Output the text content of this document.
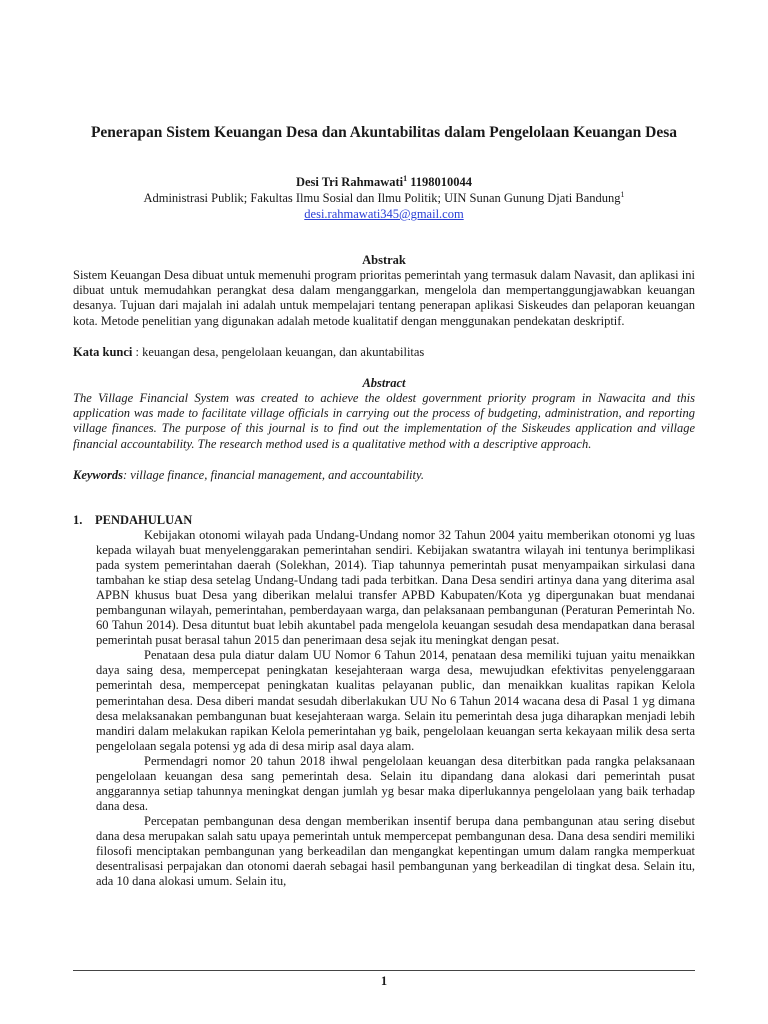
Penerapan Sistem Keuangan Desa dan Akuntabilitas dalam Pengelolaan Keuangan Desa
Desi Tri Rahmawati$^1$ 1198010044
Administrasi Publik; Fakultas Ilmu Sosial dan Ilmu Politik; UIN Sunan Gunung Djati Bandung$^1$
desi.rahmawati345@gmail.com
Abstrak
Sistem Keuangan Desa dibuat untuk memenuhi program prioritas pemerintah yang termasuk dalam Navasit, dan aplikasi ini dibuat untuk memudahkan perangkat desa dalam menganggarkan, mengelola dan mempertanggungjawabkan keuangan desanya. Tujuan dari majalah ini adalah untuk mempelajari tentang penerapan aplikasi Siskeudes dan pelaporan keuangan kota. Metode penelitian yang digunakan adalah metode kualitatif dengan menggunakan pendekatan deskriptif.
Kata kunci : keuangan desa, pengelolaan keuangan, dan akuntabilitas
Abstract
The Village Financial System was created to achieve the oldest government priority program in Nawacita and this application was made to facilitate village officials in carrying out the process of budgeting, administration, and reporting village finances. The purpose of this journal is to find out the implementation of the Siskeudes application and village financial accountability. The research method used is a qualitative method with a descriptive approach.
Keywords: village finance, financial management, and accountability.
1. PENDAHULUAN

Kebijakan otonomi wilayah pada Undang-Undang nomor 32 Tahun 2004 yaitu memberikan otonomi yg luas kepada wilayah buat menyelenggarakan pemerintahan sendiri. Kebijakan swatantra wilayah ini tentunya berimplikasi pada system pemerintahan daerah (Solekhan, 2014). Tiap tahunnya pemerintah pusat menyampaikan sirkulasi dana tambahan ke stiap desa setelag Undang-Undang tadi pada terbitkan. Dana Desa sendiri artinya dana yang diterima asal APBN khusus buat Desa yang diberikan melalui transfer APBD Kabupaten/Kota yg dipergunakan buat mendanai pembangunan wilayah, pemerintahan, pemberdayaan warga, dan pelaksanaan pembangunan (Peraturan Pemerintah No. 60 Tahun 2014). Desa dituntut buat lebih akuntabel pada mengelola keuangan sesudah desa mendapatkan dana berasal pemerintah pusat berasal tahun 2015 dan penerimaan desa sejak itu meningkat dengan pesat.

Penataan desa pula diatur dalam UU Nomor 6 Tahun 2014, penataan desa memiliki tujuan yaitu menaikkan daya saing desa, mempercepat peningkatan kesejahteraan warga desa, mewujudkan efektivitas penyelenggaraan pemerintah desa, mempercepat peningkatan kualitas pelayanan public, dan menaikkan kualitas rapikan Kelola pemerintahan desa. Desa diberi mandat sesudah diberlakukan UU No 6 Tahun 2014 wacana desa di Pasal 1 yg dimana desa melaksanakan pembangunan buat kesejahteraan warga. Selain itu pemerintah desa juga diharapkan menjadi lebih mandiri dalam melakukan rapikan Kelola pemerintahan yg baik, pengelolaan keuangan serta kekayaan milik desa serta pengelolaan segala potensi yg ada di desa mirip asal daya alam.

Permendagri nomor 20 tahun 2018 ihwal pengelolaan keuangan desa diterbitkan pada rangka pelaksanaan pengelolaan keuangan desa sang pemerintah desa. Selain itu dipandang dana alokasi dari pemerintah pusat anggarannya setiap tahunnya meningkat dengan jumlah yg besar maka diperlukannya pengelolaan yang baik terhadap dana desa.

Percepatan pembangunan desa dengan memberikan insentif berupa dana pembangunan atau sering disebut dana desa merupakan salah satu upaya pemerintah untuk mempercepat pembangunan desa. Dana desa sendiri memiliki filosofi menciptakan pembangunan yang berkeadilan dan mengangkat kepentingan umum dalam rangka memperkuat desentralisasi perpajakan dan otonomi daerah sebagai hasil pembangunan yang berkeadilan di tingkat desa. Selain itu, ada 10 dana alokasi umum. Selain itu,

1
